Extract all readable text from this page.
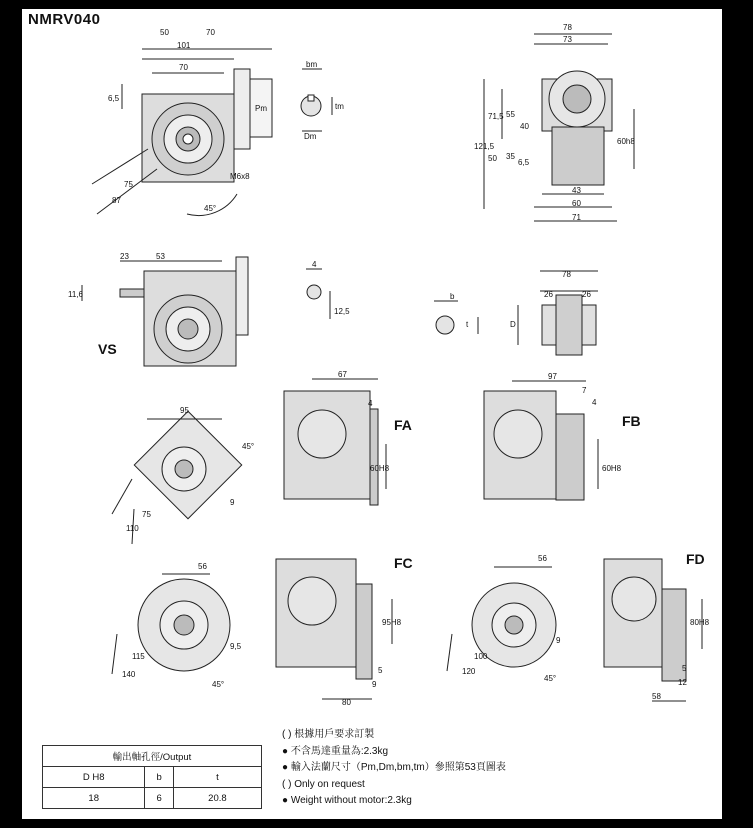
NMRV040
50	70
101
70
6,5
Pm
M6x8
75
87
45°
bm
tm
Dm
78
73
121,5
71,5 55
40
50 35
6,5
60h8
43
60
71
23	53
11,6
4
12,5
b
t
78
26	26
D
95
45°
75
110
9
67
4
60H8
97
7
4
60H8
56
115
140
9,5
45°
95H8
5
9
80
56
100
120
9
45°
80H8
5
12
58
VS
FA	FB
FC	FD
( ) 根據用戶要求訂製
● 不含馬達重量為:2.3kg
● 輸入法蘭尺寸（Pm,Dm,bm,tm）參照第53頁圖表
( ) Only on request
● Weight without motor:2.3kg
輸出軸孔徑/Output		
D H8	b	t
18	6	20.8
